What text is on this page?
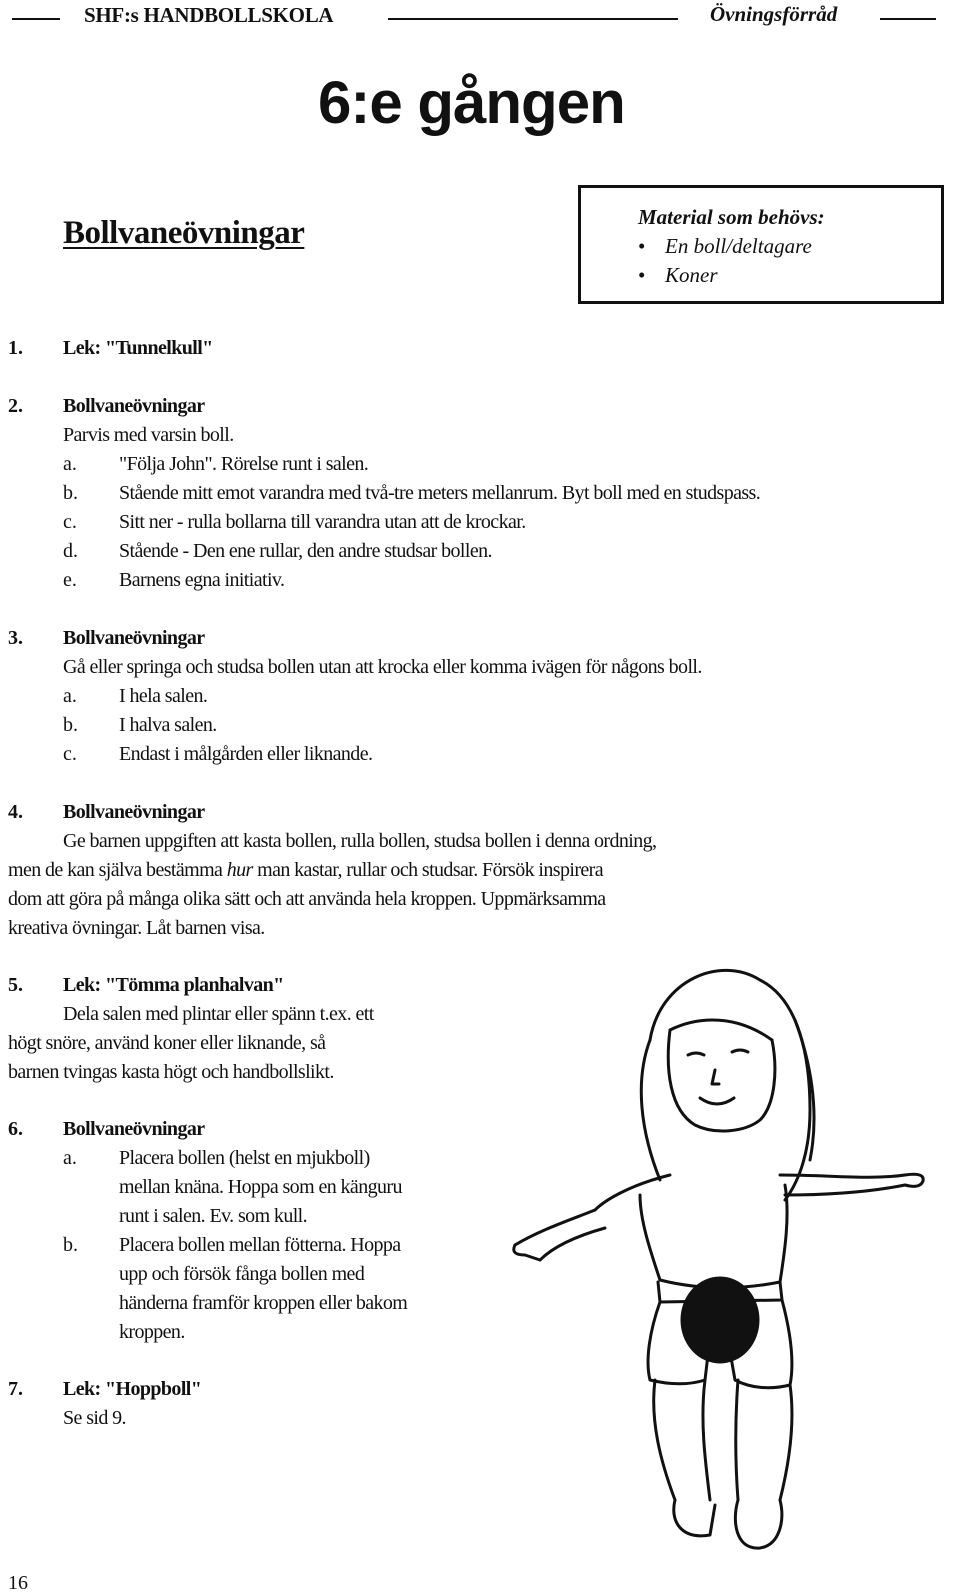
SHF:s HANDBOLLSKOLA	Övningsförråd
6:e gången
Bollvaneövningar	Material som behövs:
• En boll/deltagare
• Koner
1. Lek: "Tunnelkull"
2. Bollvaneövningar
Parvis med varsin boll.
a. "Följa John". Rörelse runt i salen.
b. Stående mitt emot varandra med två-tre meters mellanrum. Byt boll med en studspass.
c. Sitt ner - rulla bollarna till varandra utan att de krockar.
d. Stående - Den ene rullar, den andre studsar bollen.
e. Barnens egna initiativ.
3. Bollvaneövningar
Gå eller springa och studsa bollen utan att krocka eller komma ivägen för någons boll.
a. I hela salen.
b. I halva salen.
c. Endast i målgården eller liknande.
4. Bollvaneövningar
Ge barnen uppgiften att kasta bollen, rulla bollen, studsa bollen i denna ordning,
men de kan själva bestämma hur man kastar, rullar och studsar. Försök inspirera
dom att göra på många olika sätt och att använda hela kroppen. Uppmärksamma
kreativa övningar. Låt barnen visa.
5. Lek: "Tömma planhalvan"
Dela salen med plintar eller spänn t.ex. ett
högt snöre, använd koner eller liknande, så
barnen tvingas kasta högt och handbollslikt.
6. Bollvaneövningar
a. Placera bollen (helst en mjukboll)
mellan knäna. Hoppa som en känguru
runt i salen. Ev. som kull.
b. Placera bollen mellan fötterna. Hoppa
upp och försök fånga bollen med
händerna framför kroppen eller bakom
kroppen.
7. Lek: "Hoppboll"
Se sid 9.
16
